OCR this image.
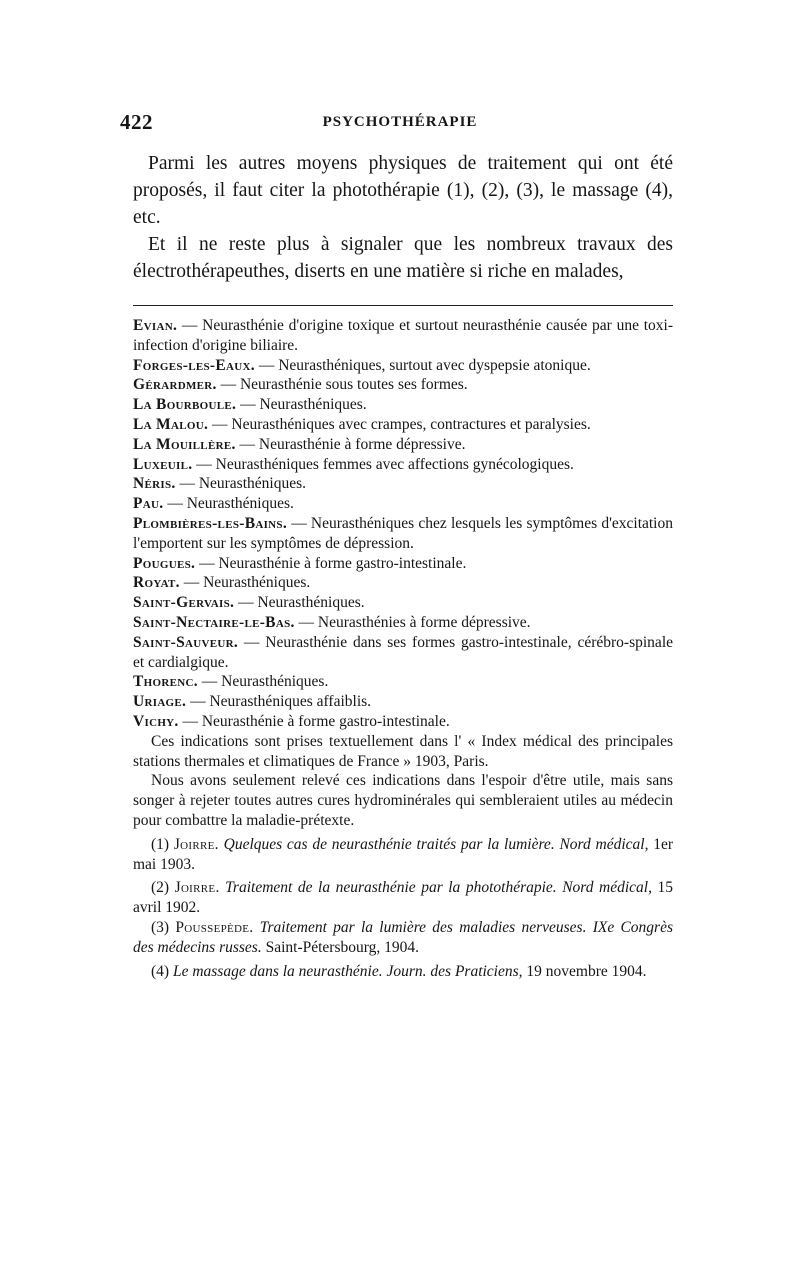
422	PSYCHOTHÉRAPIE

Parmi les autres moyens physiques de traitement qui ont été proposés, il faut citer la photothérapie (1), (2), (3), le massage (4), etc.

Et il ne reste plus à signaler que les nombreux travaux des électrothérapeuthes, diserts en une matière si riche en malades,

Evian. — Neurasthénie d'origine toxique et surtout neurasthénie causée par une toxi-infection d'origine biliaire.

Forges-les-Eaux. — Neurasthéniques, surtout avec dyspepsie atonique.

Gérardmer. — Neurasthénie sous toutes ses formes.

La Bourboule. — Neurasthéniques.

La Malou. — Neurasthéniques avec crampes, contractures et paralysies.

La Mouillère. — Neurasthénie à forme dépressive.

Luxeuil. — Neurasthéniques femmes avec affections gynécologiques.

Néris. — Neurasthéniques.

Pau. — Neurasthéniques.

Plombières-les-Bains. — Neurasthéniques chez lesquels les symptômes d'excitation l'emportent sur les symptômes de dépression.

Pougues. — Neurasthénie à forme gastro-intestinale.

Royat. — Neurasthéniques.

Saint-Gervais. — Neurasthéniques.

Saint-Nectaire-le-Bas. — Neurasthénies à forme dépressive.

Saint-Sauveur. — Neurasthénie dans ses formes gastro-intestinale, cérébro-spinale et cardialgique.

Thorenc. — Neurasthéniques.

Uriage. — Neurasthéniques affaiblis.

Vichy. — Neurasthénie à forme gastro-intestinale.

Ces indications sont prises textuellement dans l' « Index médical des principales stations thermales et climatiques de France » 1903, Paris.

Nous avons seulement relevé ces indications dans l'espoir d'être utile, mais sans songer à rejeter toutes autres cures hydrominérales qui sembleraient utiles au médecin pour combattre la maladie-prétexte.

(1) Joirre. Quelques cas de neurasthénie traités par la lumière. Nord médical, 1er mai 1903.

(2) Joirre. Traitement de la neurasthénie par la photothérapie. Nord médical, 15 avril 1902.

(3) Poussepède. Traitement par la lumière des maladies nerveuses. IXe Congrès des médecins russes. Saint-Pétersbourg, 1904.

(4) Le massage dans la neurasthénie. Journ. des Praticiens, 19 novembre 1904.
